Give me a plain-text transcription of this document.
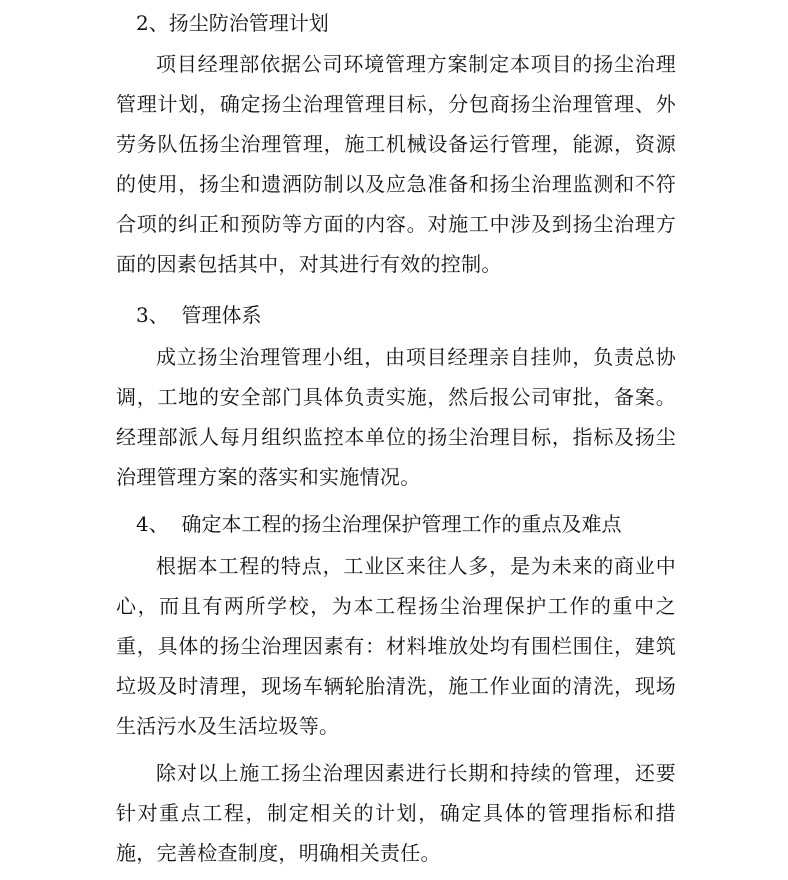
2、扬尘防治管理计划
项目经理部依据公司环境管理方案制定本项目的扬尘治理管理计划，确定扬尘治理管理目标，分包商扬尘治理管理、外劳务队伍扬尘治理管理，施工机械设备运行管理，能源，资源的使用，扬尘和遗洒防制以及应急准备和扬尘治理监测和不符合项的纠正和预防等方面的内容。对施工中涉及到扬尘治理方面的因素包括其中，对其进行有效的控制。
3、  管理体系
成立扬尘治理管理小组，由项目经理亲自挂帅，负责总协调，工地的安全部门具体负责实施，然后报公司审批，备案。经理部派人每月组织监控本单位的扬尘治理目标，指标及扬尘治理管理方案的落实和实施情况。
4、  确定本工程的扬尘治理保护管理工作的重点及难点
根据本工程的特点，工业区来往人多，是为未来的商业中心，而且有两所学校，为本工程扬尘治理保护工作的重中之重，具体的扬尘治理因素有：材料堆放处均有围栏围住，建筑垃圾及时清理，现场车辆轮胎清洗，施工作业面的清洗，现场生活污水及生活垃圾等。
除对以上施工扬尘治理因素进行长期和持续的管理，还要针对重点工程，制定相关的计划，确定具体的管理指标和措施，完善检查制度，明确相关责任。
